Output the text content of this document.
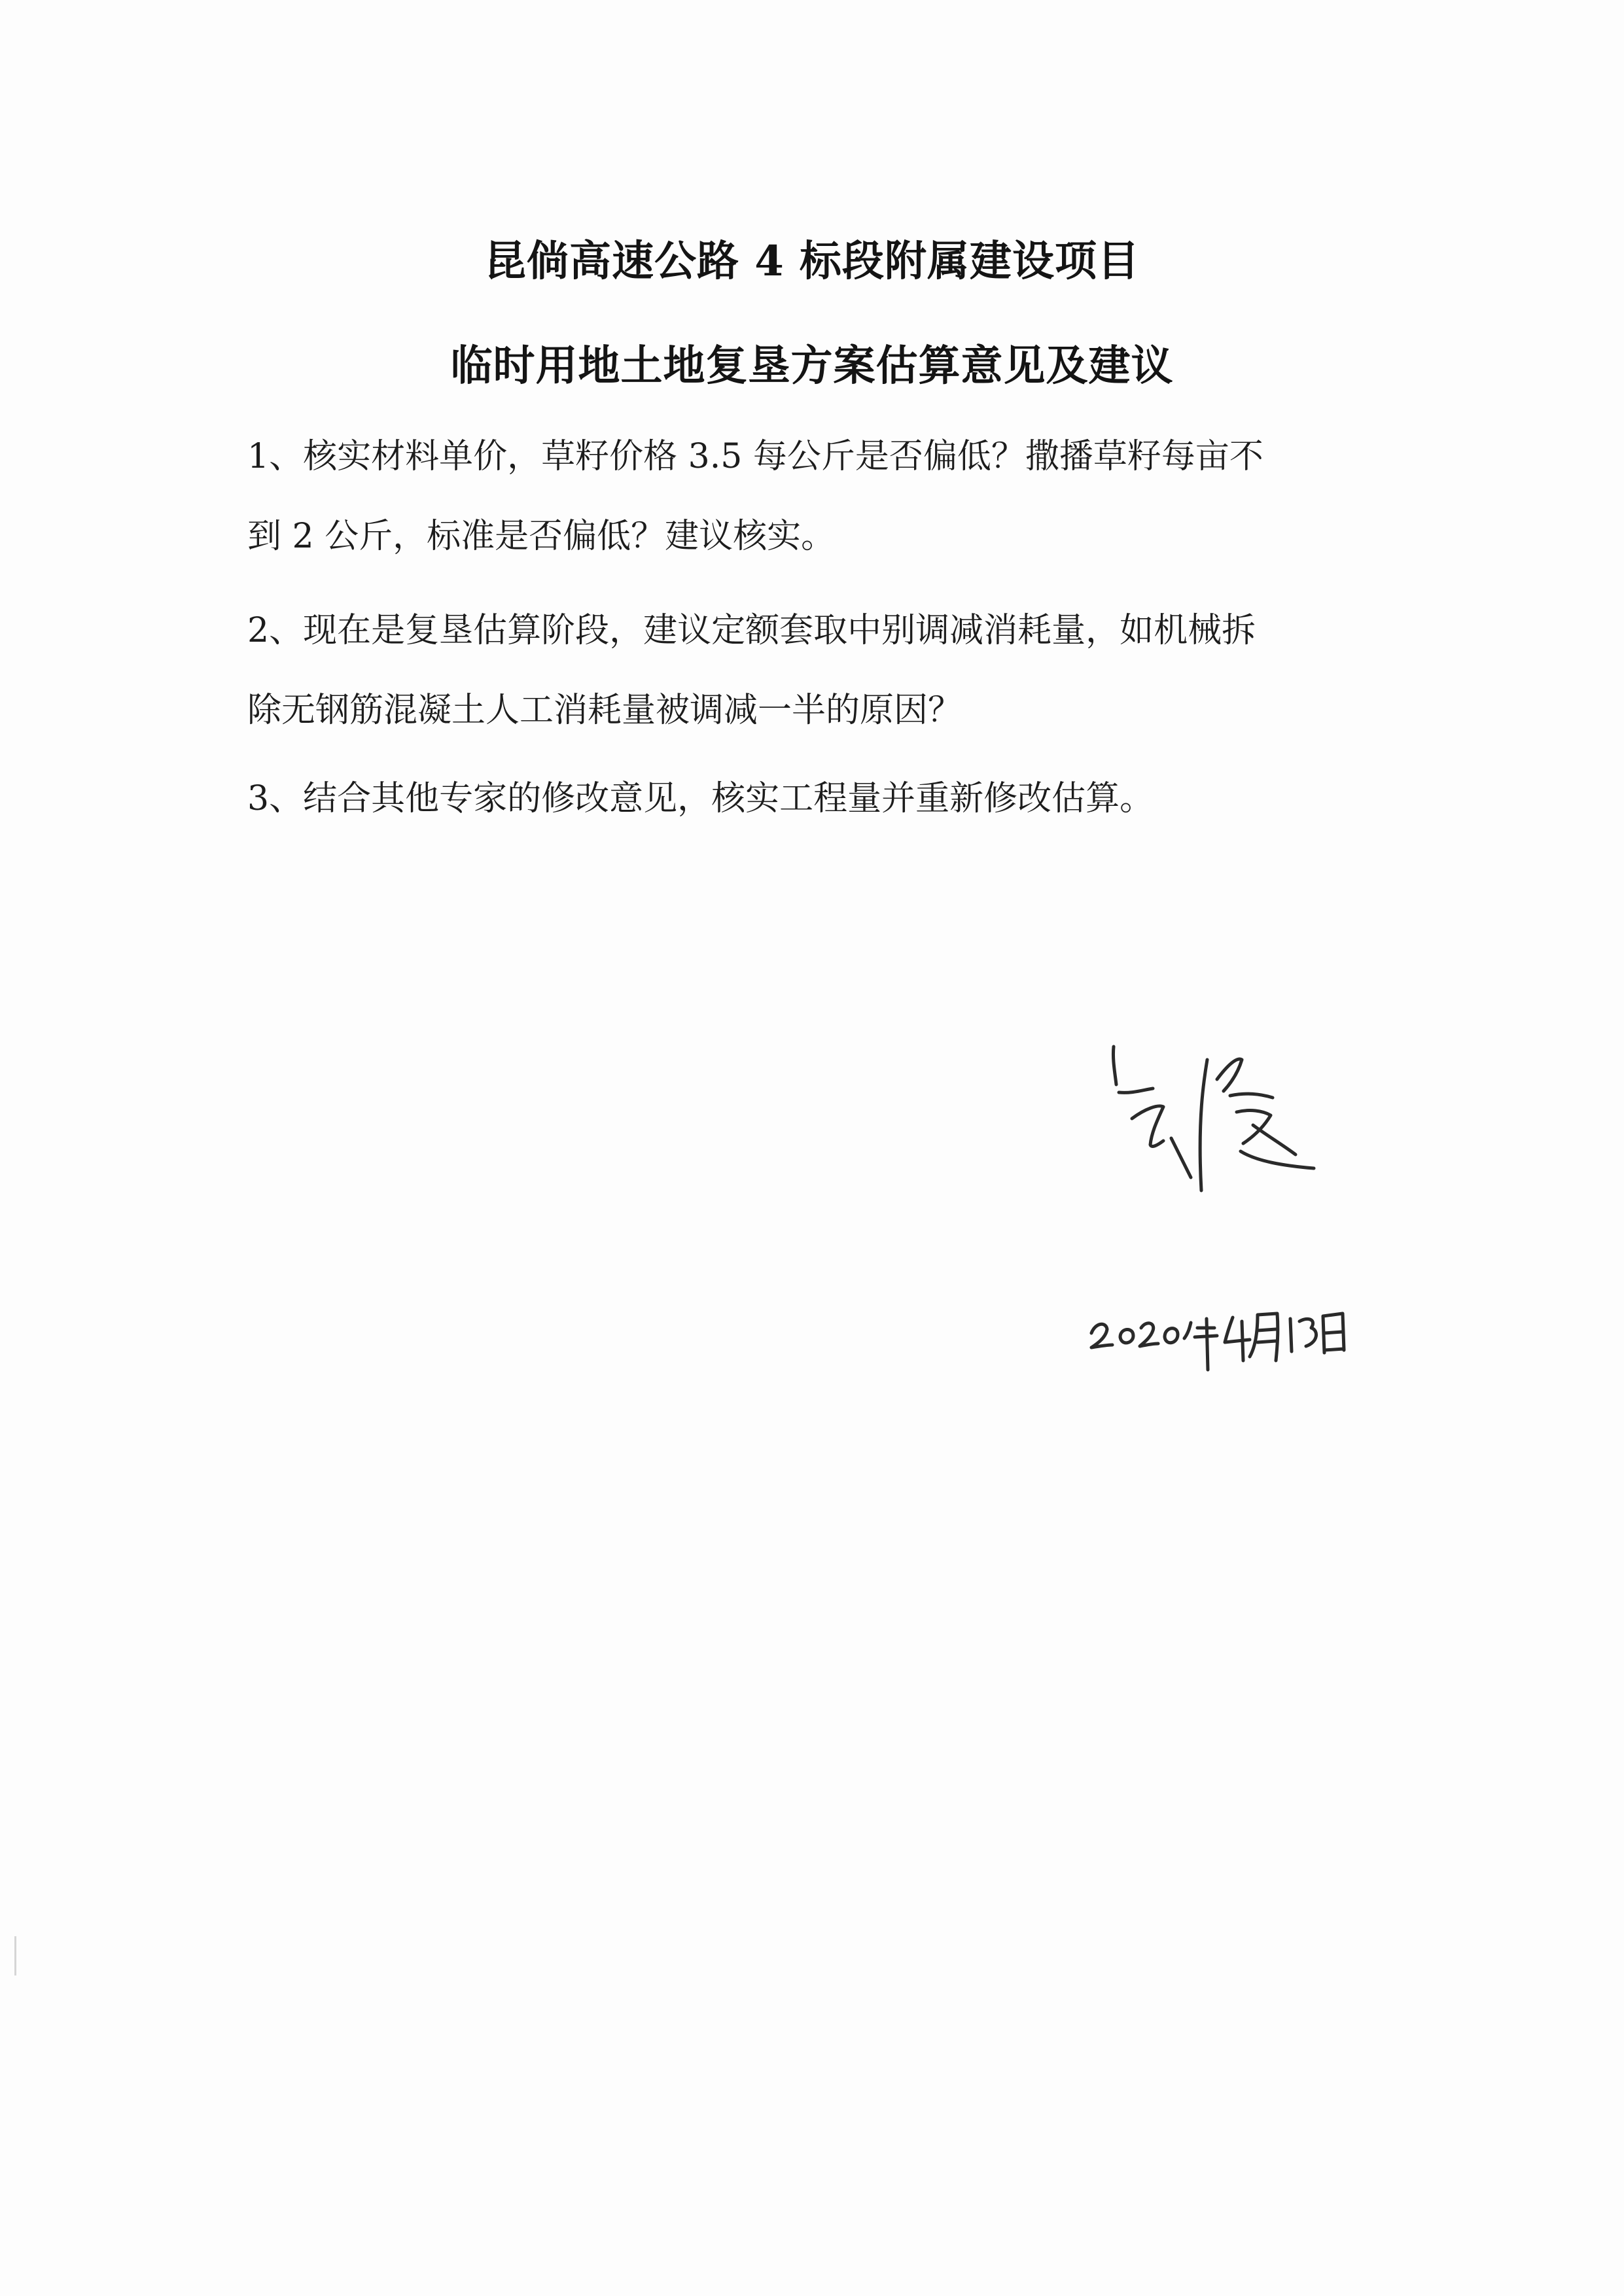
昆倘高速公路 4 标段附属建设项目
临时用地土地复垦方案估算意见及建议
1、核实材料单价，草籽价格 3.5 每公斤是否偏低？撒播草籽每亩不
到 2 公斤，标准是否偏低？建议核实。
2、现在是复垦估算阶段，建议定额套取中别调减消耗量，如机械拆
除无钢筋混凝土人工消耗量被调减一半的原因？
3、结合其他专家的修改意见，核实工程量并重新修改估算。
